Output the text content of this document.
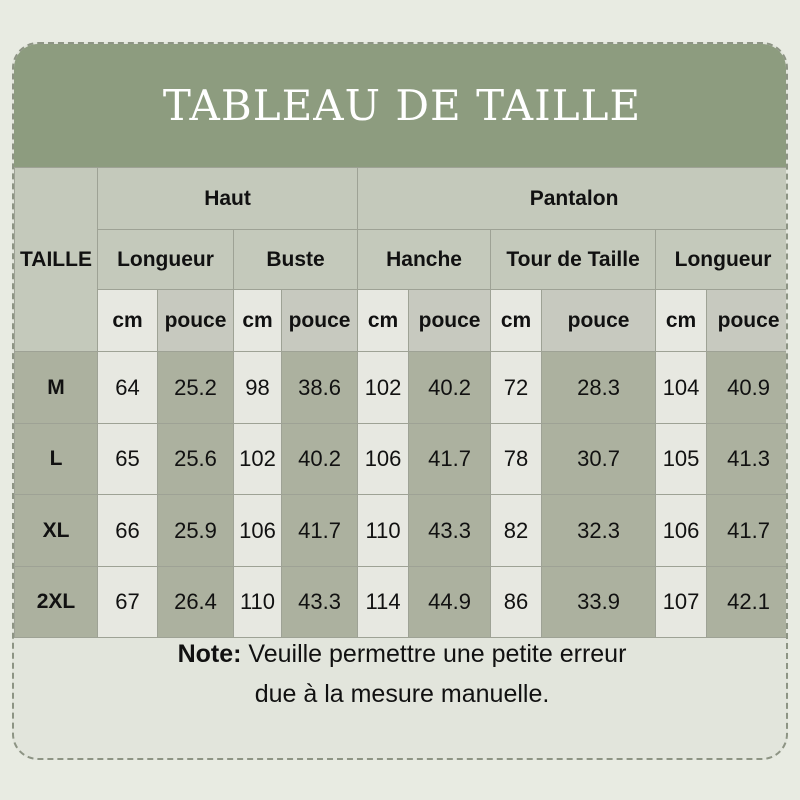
TABLEAU DE TAILLE
TAILLE	Haut				Pantalon					
	Longueur		Buste		Hanche		Tour de Taille		Longueur	
	cm	pouce	cm	pouce	cm	pouce	cm	pouce	cm	pouce
M	64	25.2	98	38.6	102	40.2	72	28.3	104	40.9
L	65	25.6	102	40.2	106	41.7	78	30.7	105	41.3
XL	66	25.9	106	41.7	110	43.3	82	32.3	106	41.7
2XL	67	26.4	110	43.3	114	44.9	86	33.9	107	42.1
Note: Veuille permettre une petite erreur
due à la mesure manuelle.
